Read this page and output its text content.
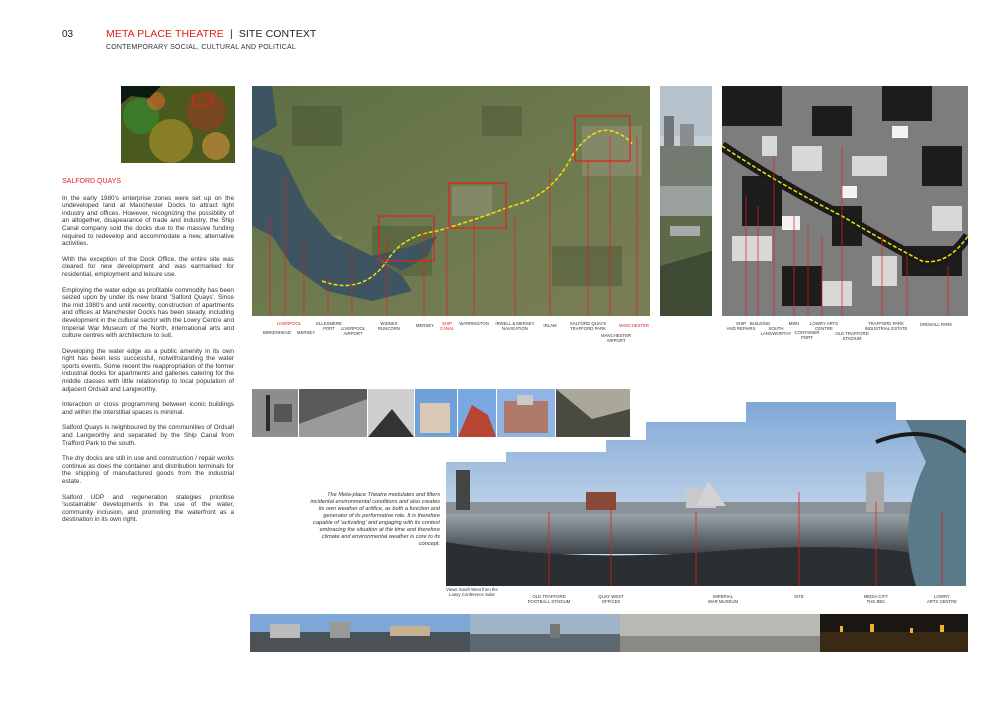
03	META PLACE THEATRE | SITE CONTEXT
CONTEMPORARY SOCIAL, CULTURAL AND POLITICAL
SALFORD QUAYS

In the early 1980's enterprise zones were set up on the undeveloped land at Manchester Docks to attract light industry and offices. However, recognizing the possibility of an altogether, disapearance of trade and industry, the Ship Canal company sold the docks due to the massive funding required to redevelop and accommodate a new, alternative activities.

With the exception of the Dock Office, the entire site was cleared for new development and was earmarked for residential, employment and leisure use.

Employing the water edge as profitable commodity has been seized upon by under its new brand 'Salford Quays'. Since the mid 1980's and until recently, construction of apartments and offices at Manchester Docks has been steady, including development in the cultural sector with the Lowry Centre and Imperial War Museum of the North, international arts and culture centres with architecture to suit.

Developing the water edge as a public amenity in its own right has been less successful, notwithstanding the water sports events. Some recent the reappropriation of the former industrial docks for apartments and galleries catering for the middle classes with little relationship to local population of adjacent Ordsall and Langworthy.

Interaction or cross programming between iconic buildings and within the interstitial spaces is minimal.

Salford Quays is neighboured by the communities of Ordsall and Langworthy and separated by the Ship Canal from Trafford Park to the south.

The dry docks are still in use and construction / repair works continue as does the container and distribution terminals for the shipping of manufactured goods from the industrial estate.

Salford UDP and regeneration stategies prioritise 'sustainable' developments in the use of the water, community inclusion, and promoting the waterfront as a destination in its own right.

BIRKENHEAD
LIVERPOOL
MERSEY
ELLESMERE
PORT	LIVERPOOL
AIRPORT
WIDNES
RUNCORN
MERSEY	SHIP
CANAL
WARRINGTON IRWELL & MERSEY
NAVIGATION
IRLAM	SALFORD QUAYS
TRAFFORD PARK
MANCHESTER
MANCHESTER
AIRPORT
SHIP
AND REPAIRS
BUILDING
SOUTH
LANGWORTHY
MWH
CONTAINER
PORT
LOWRY ARTS
CENTRE
OLD TRAFFORD
STADIUM
TRAFFORD PARK
INDUSTRIAL ESTATE
ORDSALL PARK
The Meta-place Theatre modulates and filters incidental environmental conditions and also creates its own weather of artifice, as both a function and generator of its performative role. It is therefore capable of 'activating' and engaging with its context embracing the situation at the time and therefore climate and environmental weather is core to its concept.
Views South West from the
Lowry Conference Suite	OLD TRAFFORD
FOOTBALL STADIUM
QUAY WEST
OFFICES
IMPERIAL
WAR MUSEUM
SITE	MEDIA CITY
THE BBC
LOWRY
ARTS CENTRE
